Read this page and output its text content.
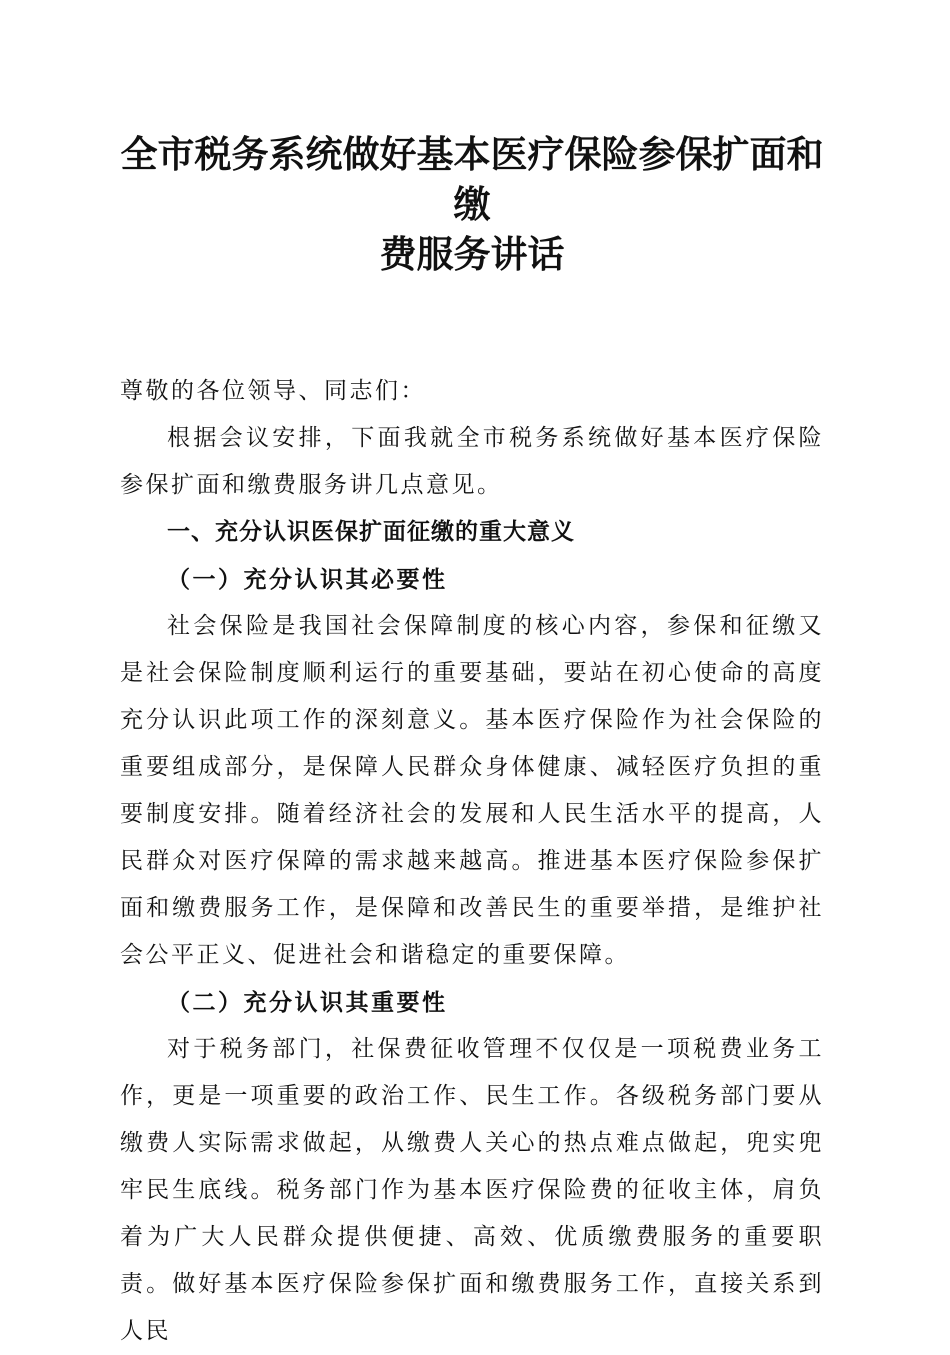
全市税务系统做好基本医疗保险参保扩面和缴
费服务讲话

尊敬的各位领导、同志们：

根据会议安排，下面我就全市税务系统做好基本医疗保险参保扩面和缴费服务讲几点意见。

一、充分认识医保扩面征缴的重大意义

（一）充分认识其必要性

社会保险是我国社会保障制度的核心内容，参保和征缴又是社会保险制度顺利运行的重要基础，要站在初心使命的高度充分认识此项工作的深刻意义。基本医疗保险作为社会保险的重要组成部分，是保障人民群众身体健康、减轻医疗负担的重要制度安排。随着经济社会的发展和人民生活水平的提高，人民群众对医疗保障的需求越来越高。推进基本医疗保险参保扩面和缴费服务工作，是保障和改善民生的重要举措，是维护社会公平正义、促进社会和谐稳定的重要保障。

（二）充分认识其重要性

对于税务部门，社保费征收管理不仅仅是一项税费业务工作，更是一项重要的政治工作、民生工作。各级税务部门要从缴费人实际需求做起，从缴费人关心的热点难点做起，兜实兜牢民生底线。税务部门作为基本医疗保险费的征收主体，肩负着为广大人民群众提供便捷、高效、优质缴费服务的重要职责。做好基本医疗保险参保扩面和缴费服务工作，直接关系到人民
